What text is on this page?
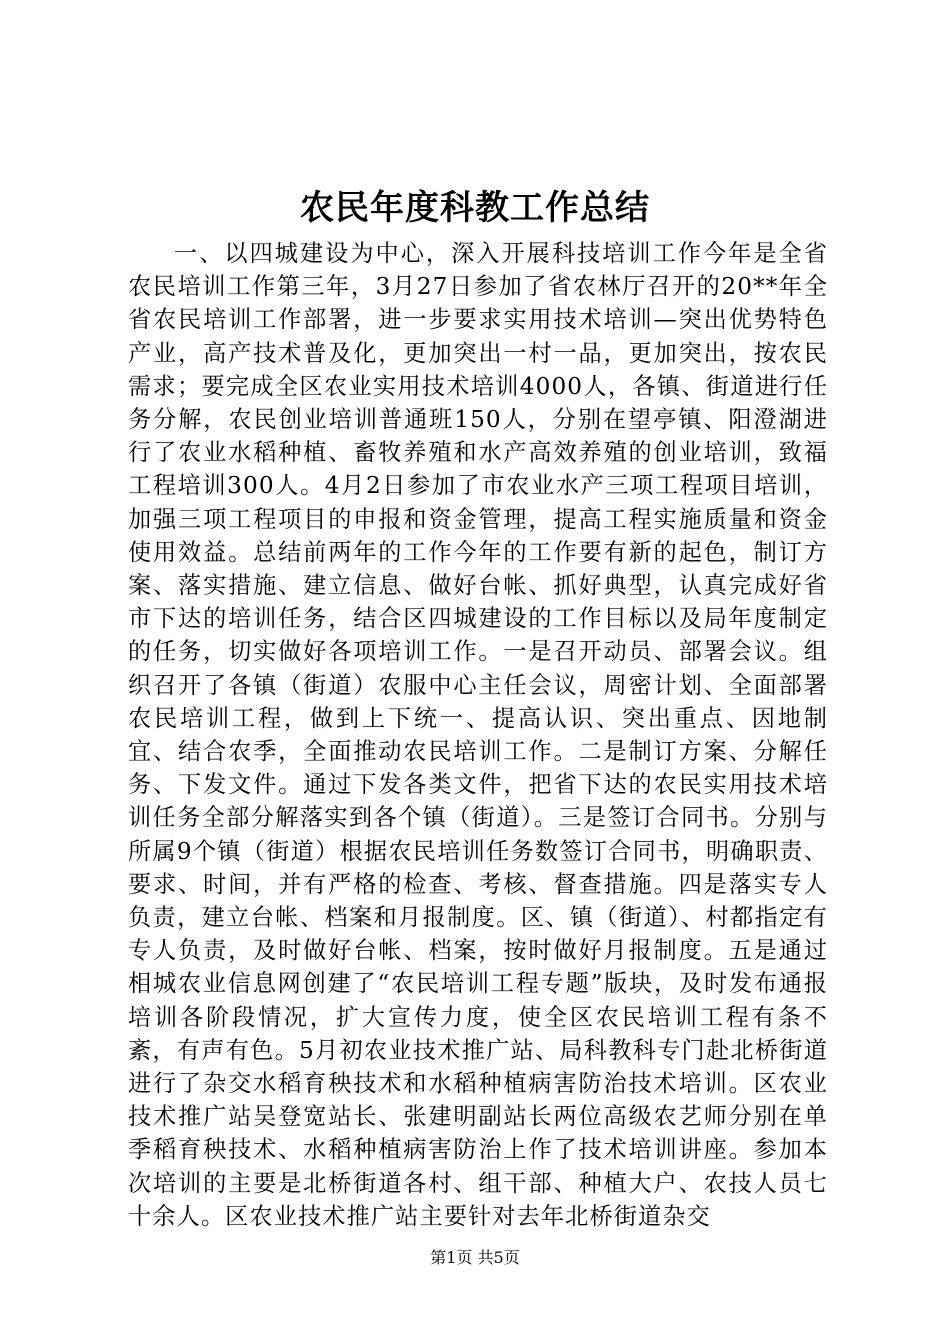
农民年度科教工作总结

一、以四城建设为中心，深入开展科技培训工作今年是全省农民培训工作第三年，3月27日参加了省农林厅召开的20**年全省农民培训工作部署，进一步要求实用技术培训—突出优势特色产业，高产技术普及化，更加突出一村一品，更加突出，按农民需求；要完成全区农业实用技术培训4000人，各镇、街道进行任务分解，农民创业培训普通班150人，分别在望亭镇、阳澄湖进行了农业水稻种植、畜牧养殖和水产高效养殖的创业培训，致福工程培训300人。4月2日参加了市农业水产三项工程项目培训，加强三项工程项目的申报和资金管理，提高工程实施质量和资金使用效益。总结前两年的工作今年的工作要有新的起色，制订方案、落实措施、建立信息、做好台帐、抓好典型，认真完成好省市下达的培训任务，结合区四城建设的工作目标以及局年度制定的任务，切实做好各项培训工作。一是召开动员、部署会议。组织召开了各镇（街道）农服中心主任会议，周密计划、全面部署农民培训工程，做到上下统一、提高认识、突出重点、因地制宜、结合农季，全面推动农民培训工作。二是制订方案、分解任务、下发文件。通过下发各类文件，把省下达的农民实用技术培训任务全部分解落实到各个镇（街道）。三是签订合同书。分别与所属9个镇（街道）根据农民培训任务数签订合同书，明确职责、要求、时间，并有严格的检查、考核、督查措施。四是落实专人负责，建立台帐、档案和月报制度。区、镇（街道）、村都指定有专人负责，及时做好台帐、档案，按时做好月报制度。五是通过相城农业信息网创建了“农民培训工程专题”版块，及时发布通报培训各阶段情况，扩大宣传力度，使全区农民培训工程有条不紊，有声有色。5月初农业技术推广站、局科教科专门赴北桥街道进行了杂交水稻育秧技术和水稻种植病害防治技术培训。区农业技术推广站吴登宽站长、张建明副站长两位高级农艺师分别在单季稻育秧技术、水稻种植病害防治上作了技术培训讲座。参加本次培训的主要是北桥街道各村、组干部、种植大户、农技人员七十余人。区农业技术推广站主要针对去年北桥街道杂交

第1页 共5页
